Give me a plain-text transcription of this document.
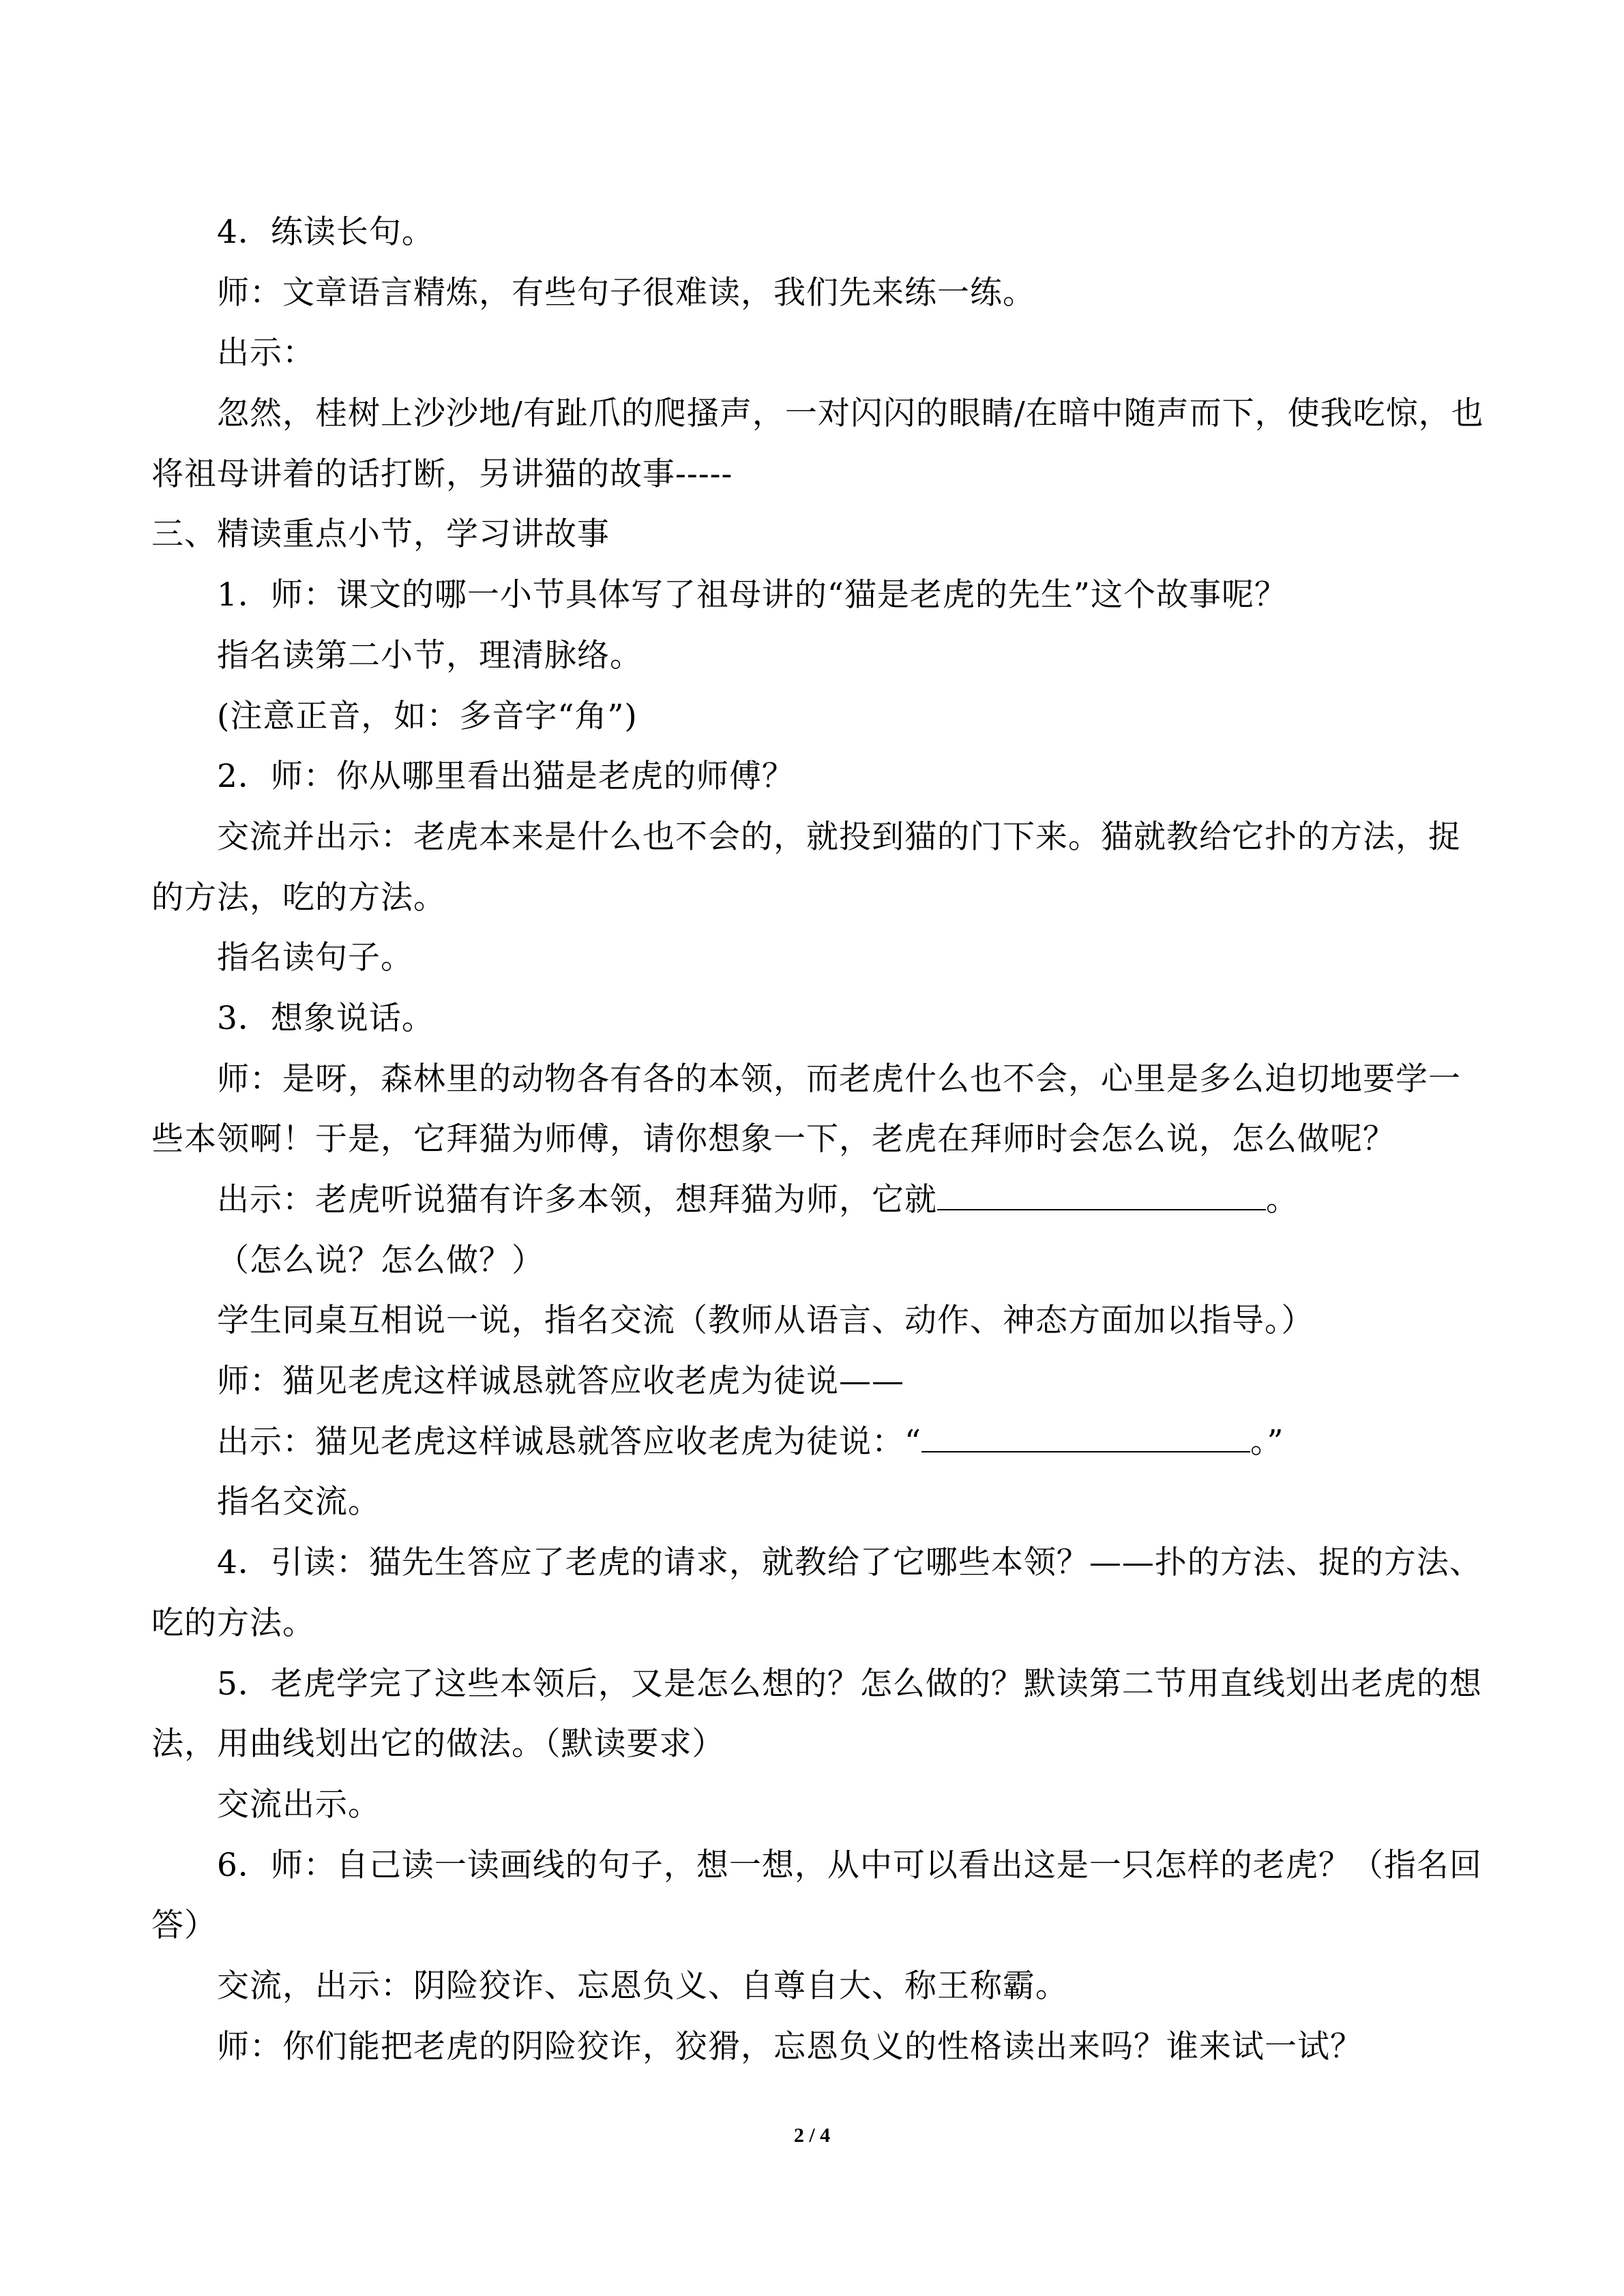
4．练读长句。
师：文章语言精炼，有些句子很难读，我们先来练一练。
出示：
忽然，桂树上沙沙地/有趾爪的爬搔声，一对闪闪的眼睛/在暗中随声而下，使我吃惊，也
将祖母讲着的话打断，另讲猫的故事-----
三、精读重点小节，学习讲故事
1．师：课文的哪一小节具体写了祖母讲的“猫是老虎的先生”这个故事呢？
指名读第二小节，理清脉络。
(注意正音，如：多音字“角”)
2．师：你从哪里看出猫是老虎的师傅？
交流并出示：老虎本来是什么也不会的，就投到猫的门下来。猫就教给它扑的方法，捉
的方法，吃的方法。
指名读句子。
3．想象说话。
师：是呀，森林里的动物各有各的本领，而老虎什么也不会，心里是多么迫切地要学一
些本领啊！于是，它拜猫为师傅，请你想象一下，老虎在拜师时会怎么说，怎么做呢？
出示：老虎听说猫有许多本领，想拜猫为师，它就	。
（怎么说？怎么做？）
学生同桌互相说一说，指名交流（教师从语言、动作、神态方面加以指导。）
师：猫见老虎这样诚恳就答应收老虎为徒说——
出示：猫见老虎这样诚恳就答应收老虎为徒说：“	。”
指名交流。
4．引读：猫先生答应了老虎的请求，就教给了它哪些本领？——扑的方法、捉的方法、
吃的方法。
5．老虎学完了这些本领后，又是怎么想的？怎么做的？默读第二节用直线划出老虎的想
法，用曲线划出它的做法。（默读要求）
交流出示。
6．师：自己读一读画线的句子，想一想，从中可以看出这是一只怎样的老虎？（指名回
答）
交流，出示：阴险狡诈、忘恩负义、自尊自大、称王称霸。
师：你们能把老虎的阴险狡诈，狡猾，忘恩负义的性格读出来吗？谁来试一试？
2 / 4
